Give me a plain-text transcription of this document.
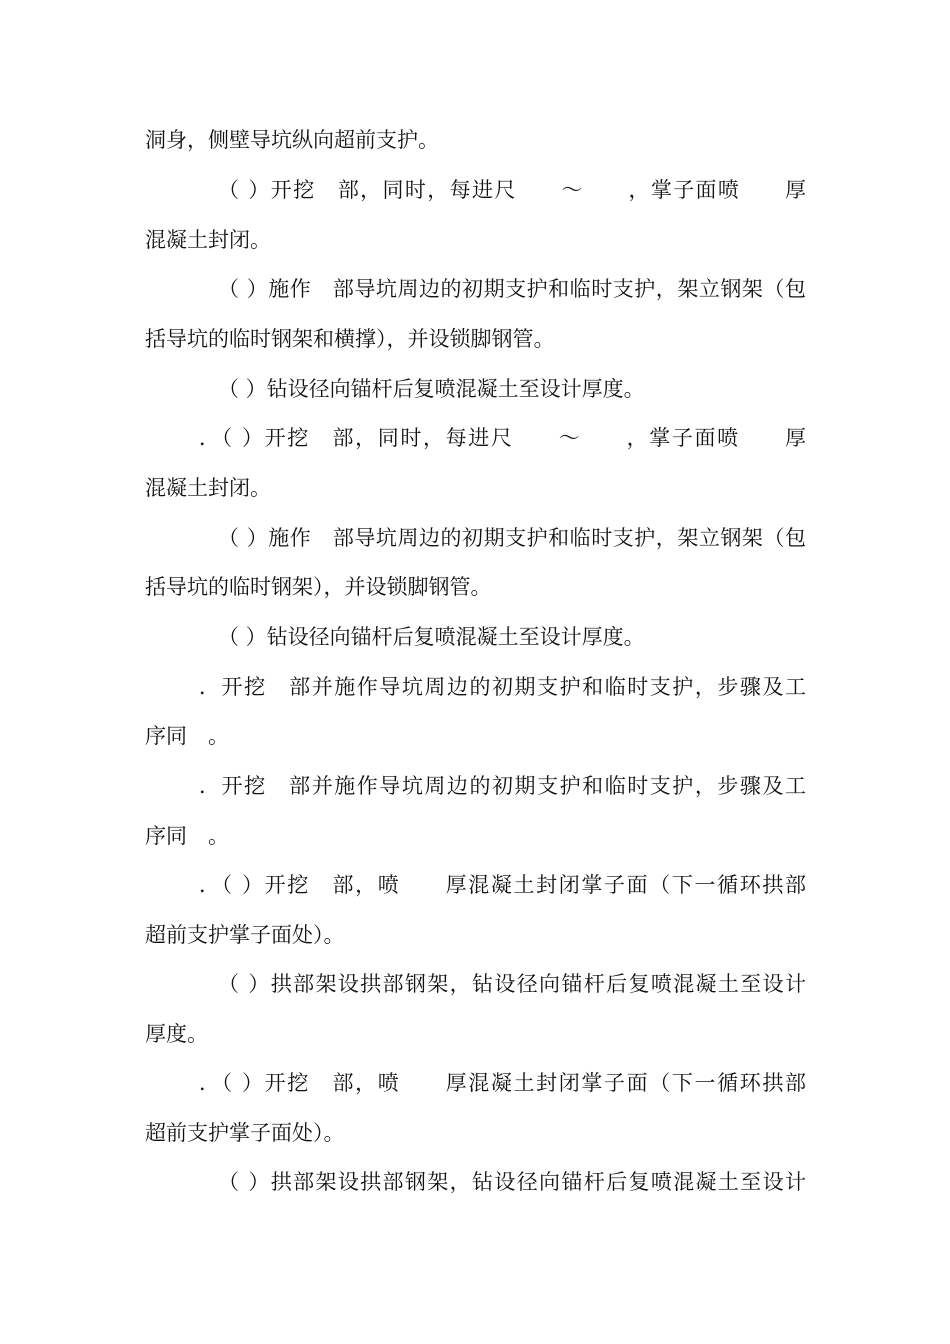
洞身，侧壁导坑纵向超前支护。
（ ）开挖　部，同时，每进尺　　～　　，掌子面喷　　厚
混凝土封闭。
（ ）施作　部导坑周边的初期支护和临时支护，架立钢架（包
括导坑的临时钢架和横撑），并设锁脚钢管。
（ ）钻设径向锚杆后复喷混凝土至设计厚度。
．（ ）开挖　部，同时，每进尺　　～　　，掌子面喷　　厚
混凝土封闭。
（ ）施作　部导坑周边的初期支护和临时支护，架立钢架（包
括导坑的临时钢架），并设锁脚钢管。
（ ）钻设径向锚杆后复喷混凝土至设计厚度。
．开挖　部并施作导坑周边的初期支护和临时支护，步骤及工
序同　。
．开挖　部并施作导坑周边的初期支护和临时支护，步骤及工
序同　。
．（ ）开挖　部，喷　　厚混凝土封闭掌子面（下一循环拱部
超前支护掌子面处）。
（ ）拱部架设拱部钢架，钻设径向锚杆后复喷混凝土至设计
厚度。
．（ ）开挖　部，喷　　厚混凝土封闭掌子面（下一循环拱部
超前支护掌子面处）。
（ ）拱部架设拱部钢架，钻设径向锚杆后复喷混凝土至设计
